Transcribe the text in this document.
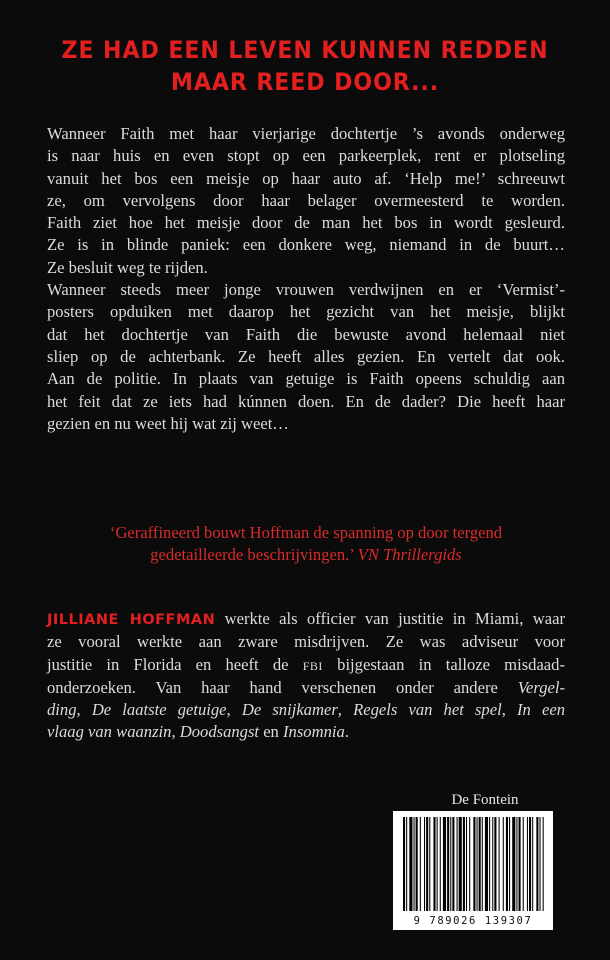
ZE HAD EEN LEVEN KUNNEN REDDEN
MAAR REED DOOR...
Wanneer Faith met haar vierjarige dochtertje ’s avonds onderweg
is naar huis en even stopt op een parkeerplek, rent er plotseling
vanuit het bos een meisje op haar auto af. ‘Help me!’ schreeuwt
ze, om vervolgens door haar belager overmeesterd te worden.
Faith ziet hoe het meisje door de man het bos in wordt gesleurd.
Ze is in blinde paniek: een donkere weg, niemand in de buurt…
Ze besluit weg te rijden.
Wanneer steeds meer jonge vrouwen verdwijnen en er ‘Vermist’-
posters opduiken met daarop het gezicht van het meisje, blijkt
dat het dochtertje van Faith die bewuste avond helemaal niet
sliep op de achterbank. Ze heeft alles gezien. En vertelt dat ook.
Aan de politie. In plaats van getuige is Faith opeens schuldig aan
het feit dat ze iets had kúnnen doen. En de dader? Die heeft haar
gezien en nu weet hij wat zij weet…
‘Geraffineerd bouwt Hoffman de spanning op door tergend
gedetailleerde beschrijvingen.’ VN Thrillergids
JILLIANE HOFFMAN werkte als officier van justitie in Miami, waar
ze vooral werkte aan zware misdrijven. Ze was adviseur voor
justitie in Florida en heeft de FBI bijgestaan in talloze misdaad-
onderzoeken. Van haar hand verschenen onder andere Vergel-
ding, De laatste getuige, De snijkamer, Regels van het spel, In een
vlaag van waanzin, Doodsangst en Insomnia.
De Fontein
9 789026 139307
